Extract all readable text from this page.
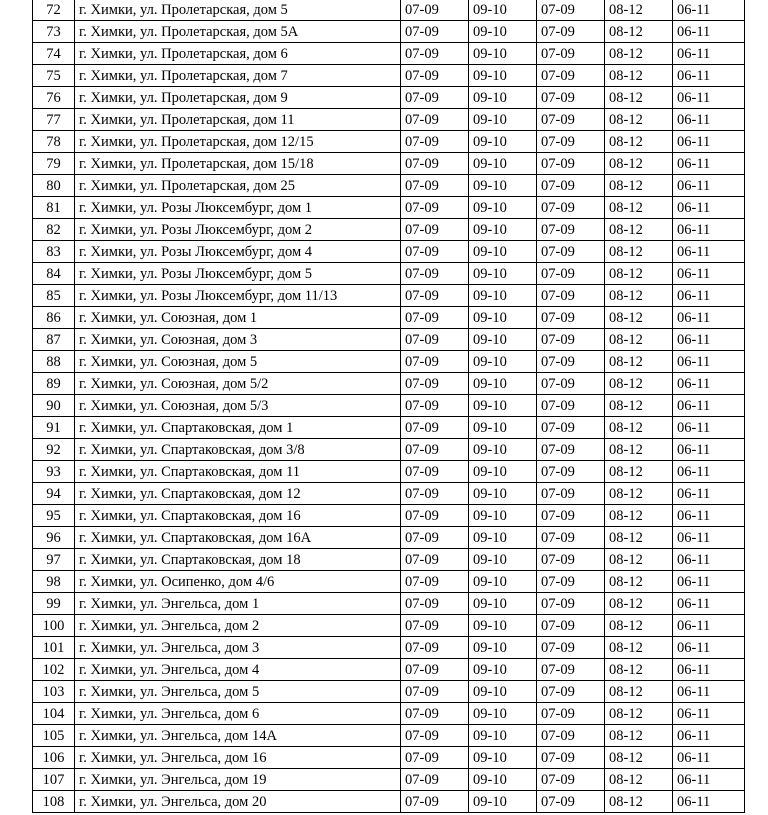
72	г. Химки, ул. Пролетарская, дом 5	07-09	09-10	07-09	08-12	06-11
73	г. Химки, ул. Пролетарская, дом 5А	07-09	09-10	07-09	08-12	06-11
74	г. Химки, ул. Пролетарская, дом 6	07-09	09-10	07-09	08-12	06-11
75	г. Химки, ул. Пролетарская, дом 7	07-09	09-10	07-09	08-12	06-11
76	г. Химки, ул. Пролетарская, дом 9	07-09	09-10	07-09	08-12	06-11
77	г. Химки, ул. Пролетарская, дом 11	07-09	09-10	07-09	08-12	06-11
78	г. Химки, ул. Пролетарская, дом 12/15	07-09	09-10	07-09	08-12	06-11
79	г. Химки, ул. Пролетарская, дом 15/18	07-09	09-10	07-09	08-12	06-11
80	г. Химки, ул. Пролетарская, дом 25	07-09	09-10	07-09	08-12	06-11
81	г. Химки, ул. Розы Люксембург, дом 1	07-09	09-10	07-09	08-12	06-11
82	г. Химки, ул. Розы Люксембург, дом 2	07-09	09-10	07-09	08-12	06-11
83	г. Химки, ул. Розы Люксембург, дом 4	07-09	09-10	07-09	08-12	06-11
84	г. Химки, ул. Розы Люксембург, дом 5	07-09	09-10	07-09	08-12	06-11
85	г. Химки, ул. Розы Люксембург, дом 11/13	07-09	09-10	07-09	08-12	06-11
86	г. Химки, ул. Союзная, дом 1	07-09	09-10	07-09	08-12	06-11
87	г. Химки, ул. Союзная, дом 3	07-09	09-10	07-09	08-12	06-11
88	г. Химки, ул. Союзная, дом 5	07-09	09-10	07-09	08-12	06-11
89	г. Химки, ул. Союзная, дом 5/2	07-09	09-10	07-09	08-12	06-11
90	г. Химки, ул. Союзная, дом 5/3	07-09	09-10	07-09	08-12	06-11
91	г. Химки, ул. Спартаковская, дом 1	07-09	09-10	07-09	08-12	06-11
92	г. Химки, ул. Спартаковская, дом 3/8	07-09	09-10	07-09	08-12	06-11
93	г. Химки, ул. Спартаковская, дом 11	07-09	09-10	07-09	08-12	06-11
94	г. Химки, ул. Спартаковская, дом 12	07-09	09-10	07-09	08-12	06-11
95	г. Химки, ул. Спартаковская, дом 16	07-09	09-10	07-09	08-12	06-11
96	г. Химки, ул. Спартаковская, дом 16А	07-09	09-10	07-09	08-12	06-11
97	г. Химки, ул. Спартаковская, дом 18	07-09	09-10	07-09	08-12	06-11
98	г. Химки, ул. Осипенко, дом 4/6	07-09	09-10	07-09	08-12	06-11
99	г. Химки, ул. Энгельса, дом 1	07-09	09-10	07-09	08-12	06-11
100	г. Химки, ул. Энгельса, дом 2	07-09	09-10	07-09	08-12	06-11
101	г. Химки, ул. Энгельса, дом 3	07-09	09-10	07-09	08-12	06-11
102	г. Химки, ул. Энгельса, дом 4	07-09	09-10	07-09	08-12	06-11
103	г. Химки, ул. Энгельса, дом 5	07-09	09-10	07-09	08-12	06-11
104	г. Химки, ул. Энгельса, дом 6	07-09	09-10	07-09	08-12	06-11
105	г. Химки, ул. Энгельса, дом 14А	07-09	09-10	07-09	08-12	06-11
106	г. Химки, ул. Энгельса, дом 16	07-09	09-10	07-09	08-12	06-11
107	г. Химки, ул. Энгельса, дом 19	07-09	09-10	07-09	08-12	06-11
108	г. Химки, ул. Энгельса, дом 20	07-09	09-10	07-09	08-12	06-11
